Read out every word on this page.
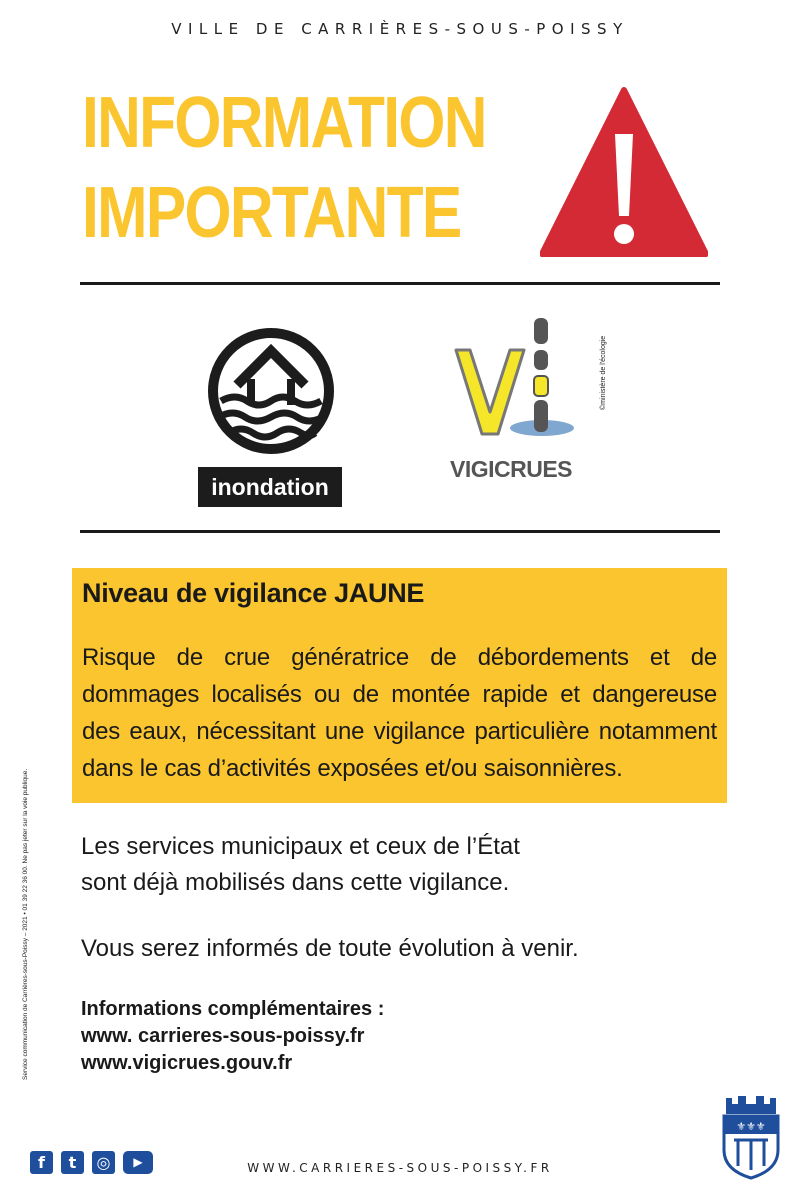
VILLE DE CARRIÈRES-SOUS-POISSY
INFORMATION
IMPORTANTE
inondation
VIGICRUES
©ministère de l'écologie
Niveau de vigilance JAUNE
Risque de crue génératrice de débordements et de dommages localisés ou de montée rapide et dangereuse des eaux, nécessitant une vigilance particulière notamment dans le cas d’activités exposées et/ou saisonnières.
Les services municipaux et ceux de l’État
sont déjà mobilisés dans cette vigilance.
Vous serez informés de toute évolution à venir.
Informations complémentaires :
www. carrieres-sous-poissy.fr
www.vigicrues.gouv.fr
Service communication de Carrières-sous-Poissy – 2021 • 01 39 22 36 00. Ne pas jeter sur la voie publique.
f	t	◎	▶	WWW.CARRIERES-SOUS-POISSY.FR
⚜⚜⚜
